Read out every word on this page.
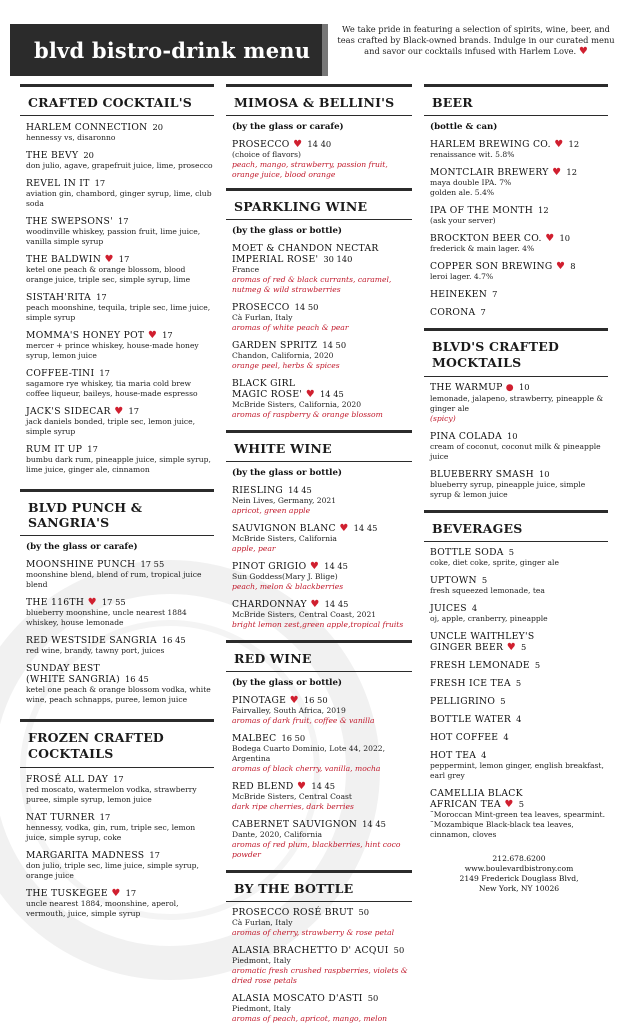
blvd bistro-drink menu
We take pride in featuring a selection of spirits, wine, beer, and teas crafted by Black-owned brands. Indulge in our curated menu and savor our cocktails infused with Harlem Love. ♥
CRAFTED COCKTAIL'S
HARLEM CONNECTION 20
hennessy vs, disaronno
THE BEVY 20
don julio, agave, grapefruit juice, lime, prosecco
REVEL IN IT 17
aviation gin, chambord, ginger syrup, lime, club soda
THE SWEPSONS' 17
woodinville whiskey, passion fruit, lime juice, vanilla simple syrup
THE BALDWIN ♥ 17
ketel one peach & orange blossom, blood orange juice, triple sec, simple syrup, lime
SISTAH'RITA 17
peach moonshine, tequila, triple sec, lime juice, simple syrup
MOMMA'S HONEY POT ♥ 17
mercer + prince whiskey, house-made honey syrup, lemon juice
COFFEE-TINI 17
sagamore rye whiskey, tia maria cold brew coffee liqueur, baileys, house-made espresso
JACK'S SIDECAR ♥ 17
jack daniels bonded, triple sec, lemon juice, simple syrup
RUM IT UP 17
bumbu dark rum, pineapple juice, simple syrup, lime juice, ginger ale, cinnamon
BLVD PUNCH & SANGRIA'S
(by the glass or carafe)
MOONSHINE PUNCH 17 55
moonshine blend, blend of rum, tropical juice blend
THE 116TH ♥ 17 55
blueberry moonshine, uncle nearest 1884 whiskey, house lemonade
RED WESTSIDE SANGRIA 16 45
red wine, brandy, tawny port, juices
SUNDAY BEST
(WHITE SANGRIA) 16 45
ketel one peach & orange blossom vodka, white wine, peach schnapps, puree, lemon juice
FROZEN CRAFTED
COCKTAILS
FROSÉ ALL DAY 17
red moscato, watermelon vodka, strawberry puree, simple syrup, lemon juice
NAT TURNER 17
hennessy, vodka, gin, rum, triple sec, lemon juice, simple syrup, coke
MARGARITA MADNESS 17
don julio, triple sec, lime juice, simple syrup, orange juice
THE TUSKEGEE ♥ 17
uncle nearest 1884, moonshine, aperol, vermouth, juice, simple syrup
MIMOSA & BELLINI'S
(by the glass or carafe)
PROSECCO ♥ 14 40
(choice of flavors)
peach, mango, strawberry, passion fruit, orange juice, blood orange
SPARKLING WINE
(by the glass or bottle)
MOET & CHANDON NECTAR
IMPERIAL ROSE' 30 140
France
aromas of red & black currants, caramel, nutmeg & wild strawberries
PROSECCO 14 50
Cà Furlan, Italy
aromas of white peach & pear
GARDEN SPRITZ 14 50
Chandon, California, 2020
orange peel, herbs & spices
BLACK GIRL
MAGIC ROSE' ♥ 14 45
McBride Sisters, California, 2020
aromas of raspberry & orange blossom
WHITE WINE
(by the glass or bottle)
RIESLING 14 45
Nein Lives, Germany, 2021
apricot, green apple
SAUVIGNON BLANC ♥ 14 45
McBride Sisters, California
apple, pear
PINOT GRIGIO ♥ 14 45
Sun Goddess(Mary J. Blige)
peach, melon & blackberries
CHARDONNAY ♥ 14 45
McBride Sisters, Central Coast, 2021
bright lemon zest,green apple,tropical fruits
RED WINE
(by the glass or bottle)
PINOTAGE ♥ 16 50
Fairvalley, South Africa, 2019
aromas of dark fruit, coffee & vanilla
MALBEC 16 50
Bodega Cuarto Dominio, Lote 44, 2022, Argentina
aromas of black cherry, vanilla, mocha
RED BLEND ♥ 14 45
McBride Sisters, Central Coast
dark ripe cherries, dark berries
CABERNET SAUVIGNON 14 45
Dante, 2020, California
aromas of red plum, blackberries, hint coco powder
BY THE BOTTLE
PROSECCO ROSÉ BRUT 50
Cà Furlan, Italy
aromas of cherry, strawberry & rose petal
ALASIA BRACHETTO D' ACQUI 50
Piedmont, Italy
aromatic fresh crushed raspberries, violets & dried rose petals
ALASIA MOSCATO D'ASTI 50
Piedmont, Italy
aromas of peach, apricot, mango, melon
BEER
(bottle & can)
HARLEM BREWING CO. ♥ 12
renaissance wit. 5.8%
MONTCLAIR BREWERY ♥ 12
maya double IPA. 7%
golden ale. 5.4%
IPA OF THE MONTH 12
(ask your server)
BROCKTON BEER CO. ♥ 10
frederick & main lager. 4%
COPPER SON BREWING ♥ 8
leroi lager. 4.7%
HEINEKEN 7
CORONA 7
BLVD'S CRAFTED
MOCKTAILS
THE WARMUP ● 10
lemonade, jalapeno, strawberry, pineapple & ginger ale
(spicy)
PINA COLADA 10
cream of coconut, coconut milk & pineapple juice
BLUEBERRY SMASH 10
blueberry syrup, pineapple juice, simple syrup & lemon juice
BEVERAGES
BOTTLE SODA 5
coke, diet coke, sprite, ginger ale
UPTOWN 5
fresh squeezed lemonade, tea
JUICES 4
oj, apple, cranberry, pineapple
UNCLE WAITHLEY'S
GINGER BEER ♥ 5
FRESH LEMONADE 5
FRESH ICE TEA 5
PELLIGRINO 5
BOTTLE WATER 4
HOT COFFEE 4
HOT TEA 4
peppermint, lemon ginger, english breakfast, earl grey
CAMELLIA BLACK
AFRICAN TEA ♥ 5
˜Moroccan Mint-green tea leaves, spearmint.
˜Mozambique Black-black tea leaves, cinnamon, cloves
212.678.6200
www.boulevardbistrony.com
2149 Frederick Douglass Blvd,
New York, NY 10026
